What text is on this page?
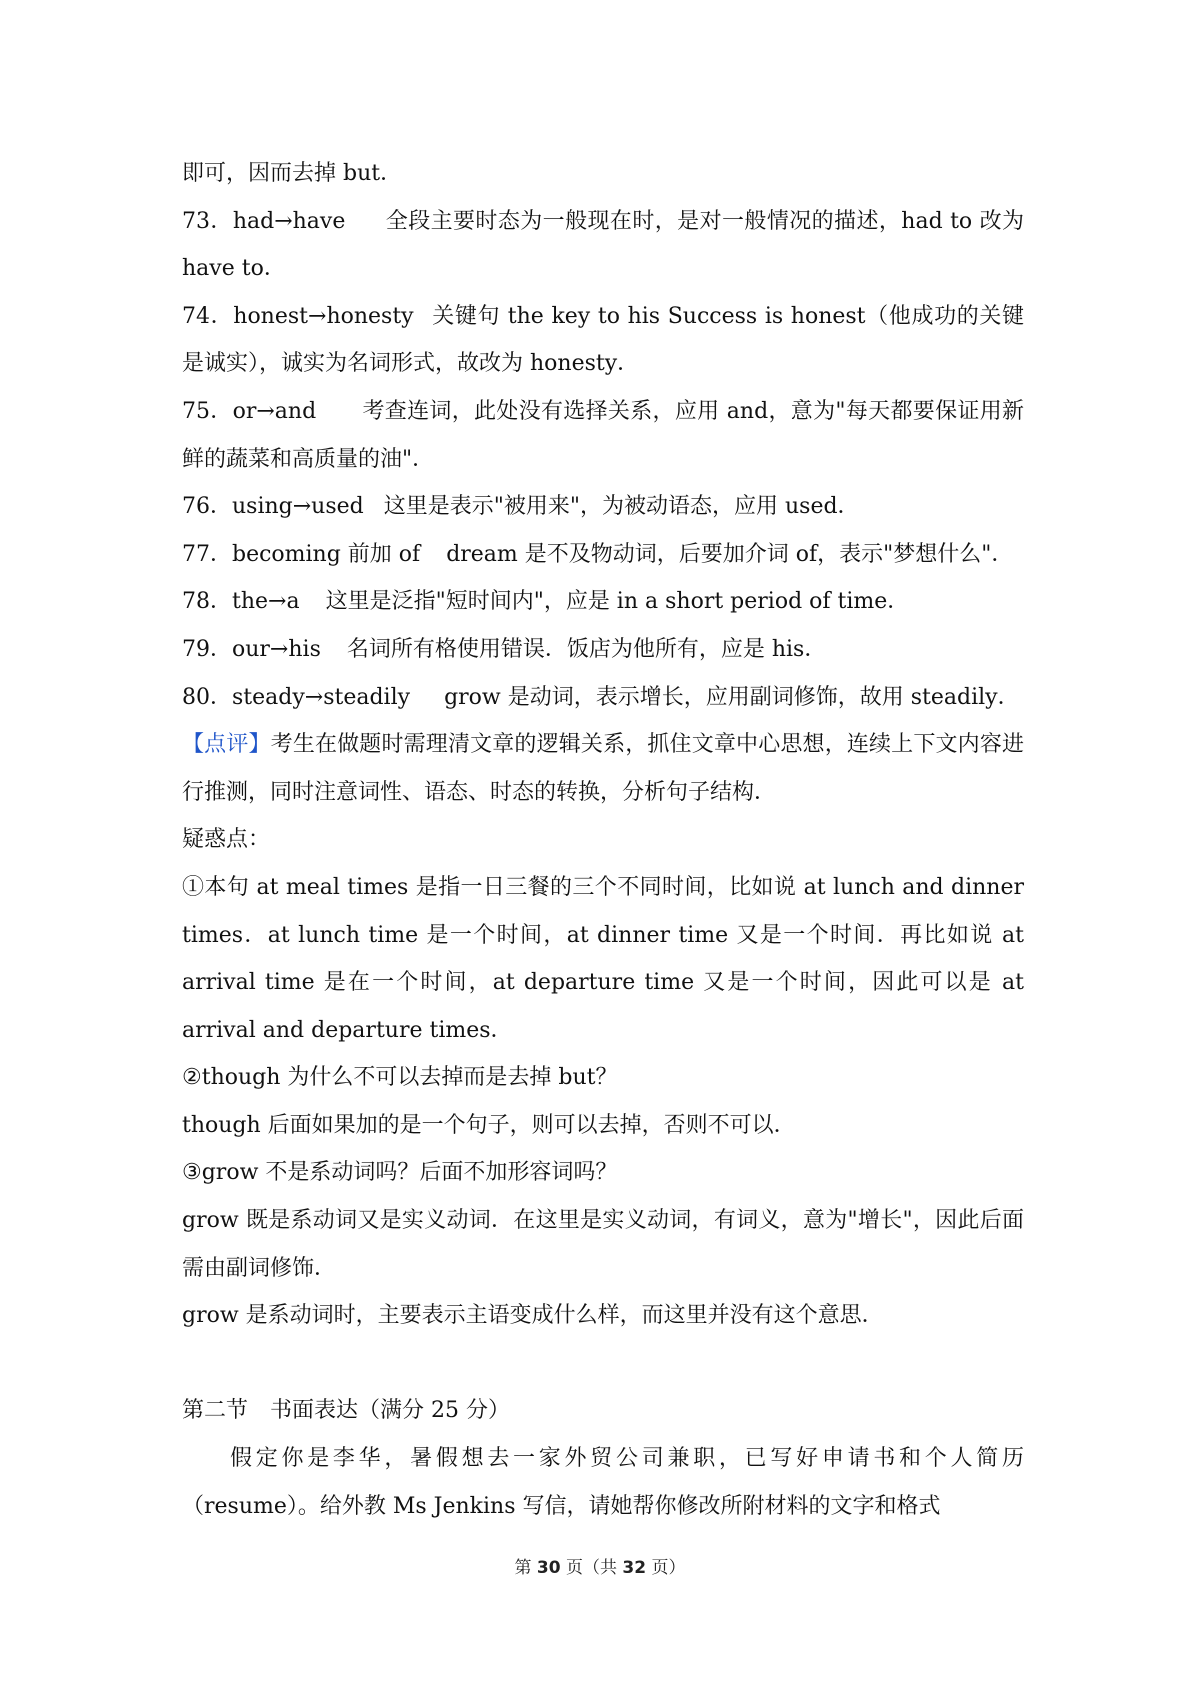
即可，因而去掉 but．
73．had→have 全段主要时态为一般现在时，是对一般情况的描述，had to 改为 have to．
74．honest→honesty 关键句 the key to his Success is honest（他成功的关键是诚实），诚实为名词形式，故改为 honesty．
75．or→and 考查连词，此处没有选择关系，应用 and，意为"每天都要保证用新鲜的蔬菜和高质量的油"．
76．using→used 这里是表示"被用来"，为被动语态，应用 used．
77．becoming 前加 of dream 是不及物动词，后要加介词 of，表示"梦想什么"．
78．the→a 这里是泛指"短时间内"，应是 in a short period of time．
79．our→his 名词所有格使用错误．饭店为他所有，应是 his．
80．steady→steadily grow 是动词，表示增长，应用副词修饰，故用 steadily．
【点评】考生在做题时需理清文章的逻辑关系，抓住文章中心思想，连续上下文内容进行推测，同时注意词性、语态、时态的转换，分析句子结构．
疑惑点：
①本句 at meal times 是指一日三餐的三个不同时间，比如说 at lunch and dinner times．at lunch time 是一个时间，at dinner time 又是一个时间．再比如说 at arrival time 是在一个时间，at departure time 又是一个时间，因此可以是 at arrival and departure times．
②though 为什么不可以去掉而是去掉 but？
though 后面如果加的是一个句子，则可以去掉，否则不可以．
③grow 不是系动词吗？后面不加形容词吗？
grow 既是系动词又是实义动词．在这里是实义动词，有词义，意为"增长"，因此后面需由副词修饰．
grow 是系动词时，主要表示主语变成什么样，而这里并没有这个意思．
第二节　书面表达（满分 25 分）
假定你是李华，暑假想去一家外贸公司兼职，已写好申请书和个人简历（resume）。给外教 Ms Jenkins 写信，请她帮你修改所附材料的文字和格式
第 30 页（共 32 页）
